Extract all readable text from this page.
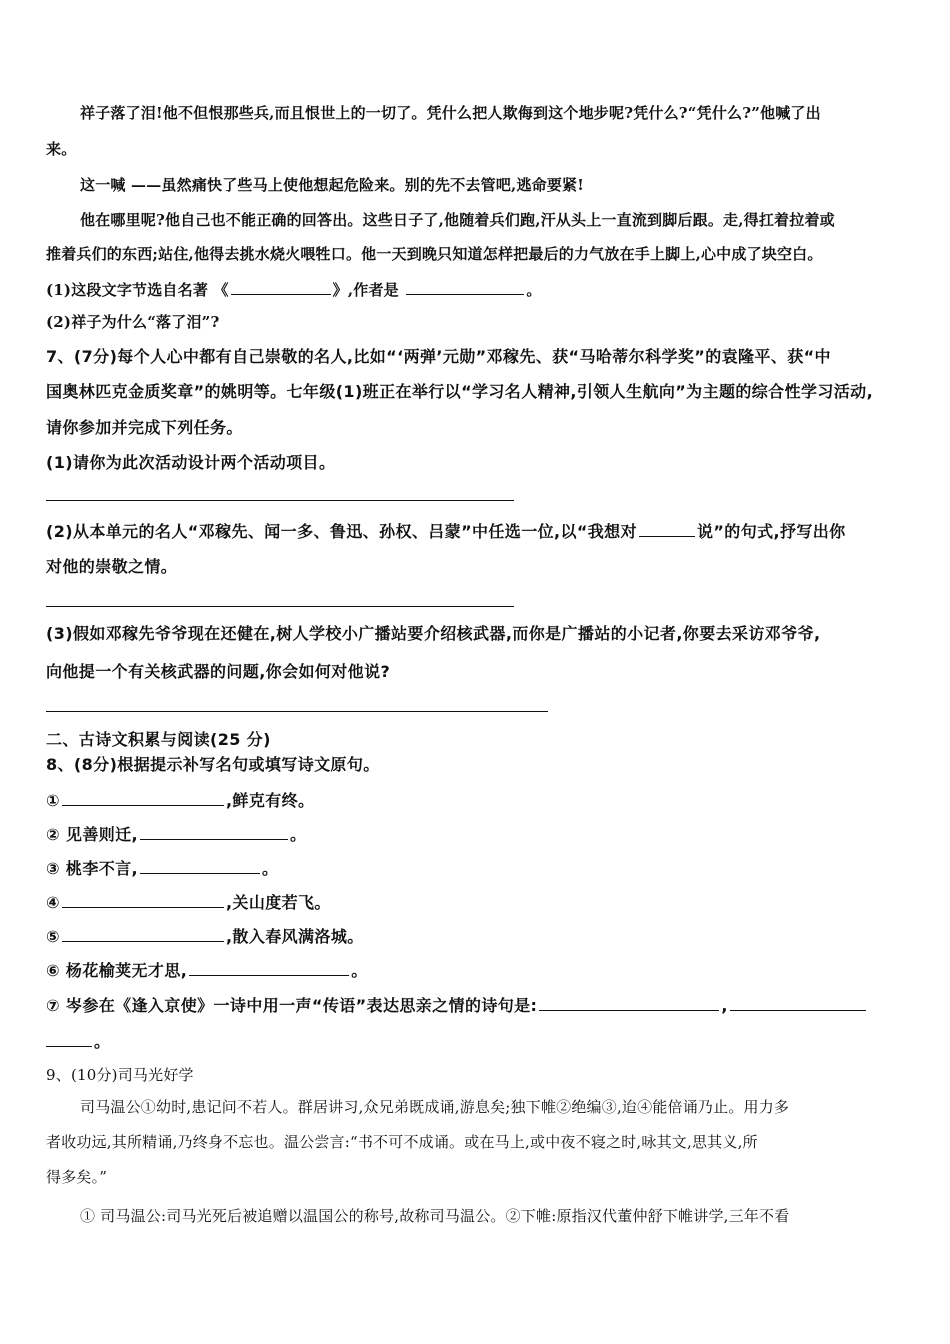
祥子落了泪!他不但恨那些兵,而且恨世上的一切了。凭什么把人欺侮到这个地步呢?凭什么?“凭什么?”他喊了出
来。
这一喊 ——虽然痛快了些马上使他想起危险来。别的先不去管吧,逃命要紧!
他在哪里呢?他自己也不能正确的回答出。这些日子了,他随着兵们跑,汗从头上一直流到脚后跟。走,得扛着拉着或
推着兵们的东西;站住,他得去挑水烧火喂牲口。他一天到晚只知道怎样把最后的力气放在手上脚上,心中成了块空白。
(1)这段文字节选自名著 《	》,作者是	。
(2)祥子为什么“落了泪”?
7、(7分)每个人心中都有自己崇敬的名人,比如“‘两弹’元勋”邓稼先、获“马哈蒂尔科学奖”的袁隆平、获“中
国奥林匹克金质奖章”的姚明等。七年级(1)班正在举行以“学习名人精神,引领人生航向”为主题的综合性学习活动,
请你参加并完成下列任务。
(1)请你为此次活动设计两个活动项目。
(2)从本单元的名人“邓稼先、闻一多、鲁迅、孙权、吕蒙”中任选一位,以“我想对	说”的句式,抒写出你
对他的崇敬之情。
(3)假如邓稼先爷爷现在还健在,树人学校小广播站要介绍核武器,而你是广播站的小记者,你要去采访邓爷爷,
向他提一个有关核武器的问题,你会如何对他说?
二、古诗文积累与阅读(25 分)
8、(8分)根据提示补写名句或填写诗文原句。
①	,鲜克有终。
② 见善则迁,	。
③ 桃李不言,	。
④	,关山度若飞。
⑤	,散入春风满洛城。
⑥ 杨花榆荚无才思,	。
⑦ 岑参在《逢入京使》一诗中用一声“传语”表达思亲之情的诗句是:	,
。
9、(10分)司马光好学
司马温公①幼时,患记问不若人。群居讲习,众兄弟既成诵,游息矣;独下帷②绝编③,迨④能倍诵乃止。用力多
者收功远,其所精诵,乃终身不忘也。温公尝言:“书不可不成诵。或在马上,或中夜不寝之时,咏其文,思其义,所
得多矣。”
① 司马温公:司马光死后被追赠以温国公的称号,故称司马温公。②下帷:原指汉代董仲舒下帷讲学,三年不看
